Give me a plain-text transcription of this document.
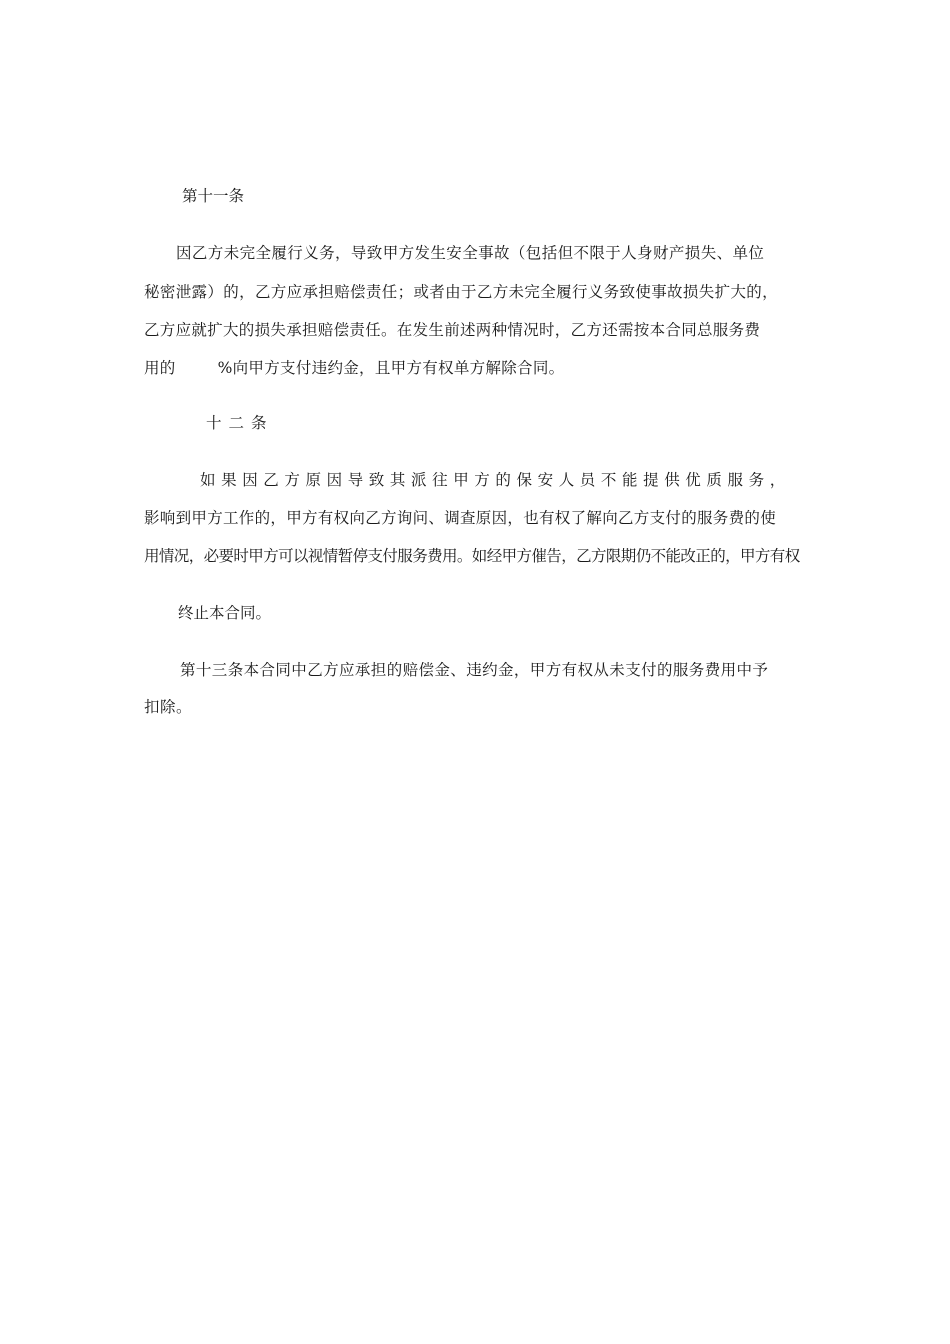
第十一条
因乙方未完全履行义务，导致甲方发生安全事故（包括但不限于人身财产损失、单位
秘密泄露）的，乙方应承担赔偿责任；或者由于乙方未完全履行义务致使事故损失扩大的，
乙方应就扩大的损失承担赔偿责任。在发生前述两种情况时，乙方还需按本合同总服务费
用的	%向甲方支付违约金，且甲方有权单方解除合同。
十二条
如果因乙方原因导致其派往甲方的保安人员不能提供优质服务，
影响到甲方工作的，甲方有权向乙方询问、调查原因，也有权了解向乙方支付的服务费的使
用情况，必要时甲方可以视情暂停支付服务费用。如经甲方催告，乙方限期仍不能改正的，甲方有权
终止本合同。
第十三条本合同中乙方应承担的赔偿金、违约金，甲方有权从未支付的服务费用中予
扣除。
